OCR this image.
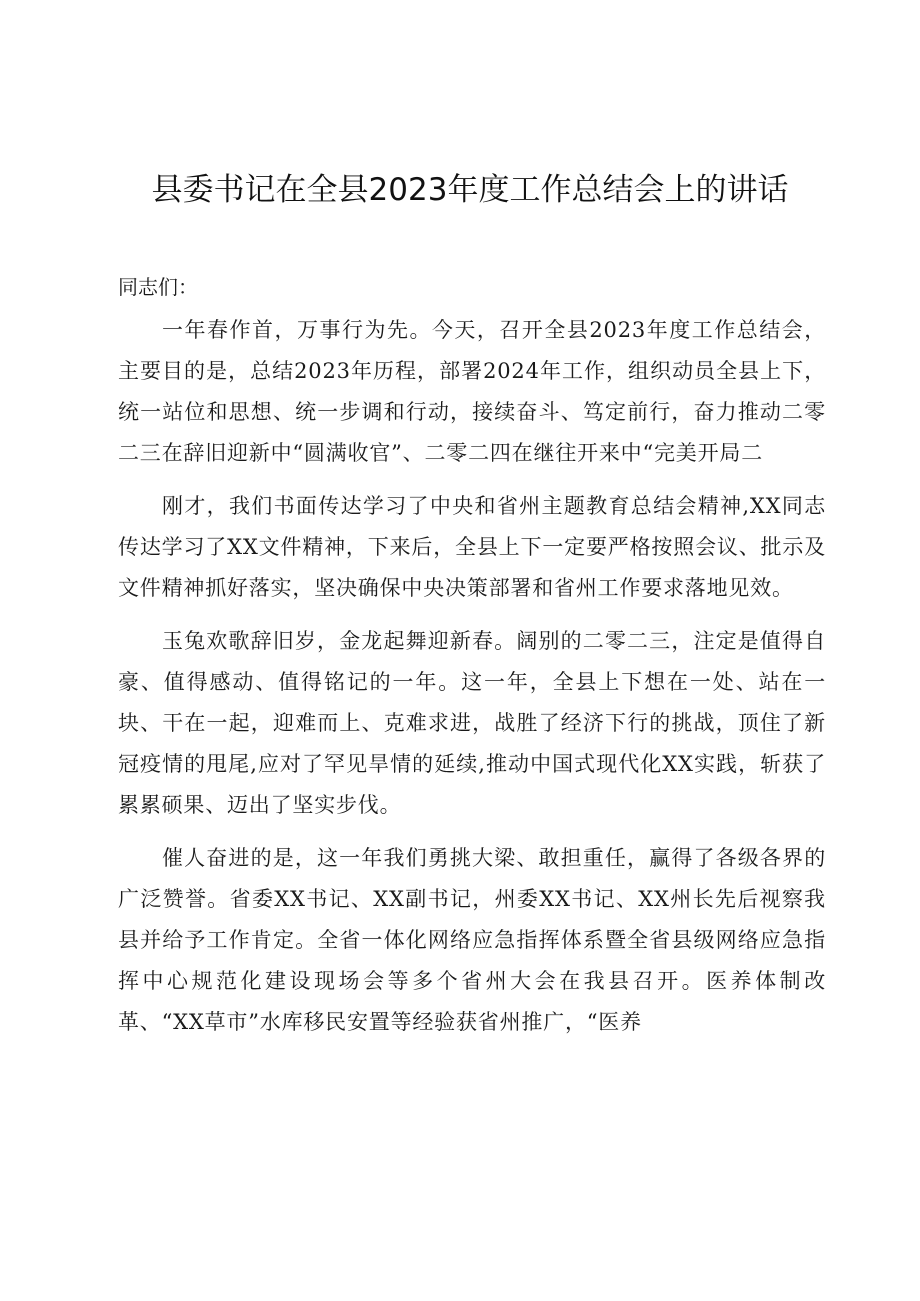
县委书记在全县2023年度工作总结会上的讲话

同志们：

一年春作首，万事行为先。今天，召开全县2023年度工作总结会，主要目的是，总结2023年历程，部署2024年工作，组织动员全县上下，统一站位和思想、统一步调和行动，接续奋斗、笃定前行，奋力推动二零二三在辞旧迎新中“圆满收官”、二零二四在继往开来中“完美开局二

刚才，我们书面传达学习了中央和省州主题教育总结会精神,XX同志传达学习了XX文件精神，下来后，全县上下一定要严格按照会议、批示及文件精神抓好落实，坚决确保中央决策部署和省州工作要求落地见效。

玉兔欢歌辞旧岁，金龙起舞迎新春。阔别的二零二三，注定是值得自豪、值得感动、值得铭记的一年。这一年，全县上下想在一处、站在一块、干在一起，迎难而上、克难求进，战胜了经济下行的挑战，顶住了新冠疫情的甩尾,应对了罕见旱情的延续,推动中国式现代化XX实践，斩获了累累硕果、迈出了坚实步伐。

催人奋进的是，这一年我们勇挑大梁、敢担重任，赢得了各级各界的广泛赞誉。省委XX书记、XX副书记，州委XX书记、XX州长先后视察我县并给予工作肯定。全省一体化网络应急指挥体系暨全省县级网络应急指挥中心规范化建设现场会等多个省州大会在我县召开。医养体制改革、“XX草市”水库移民安置等经验获省州推广，“医养
